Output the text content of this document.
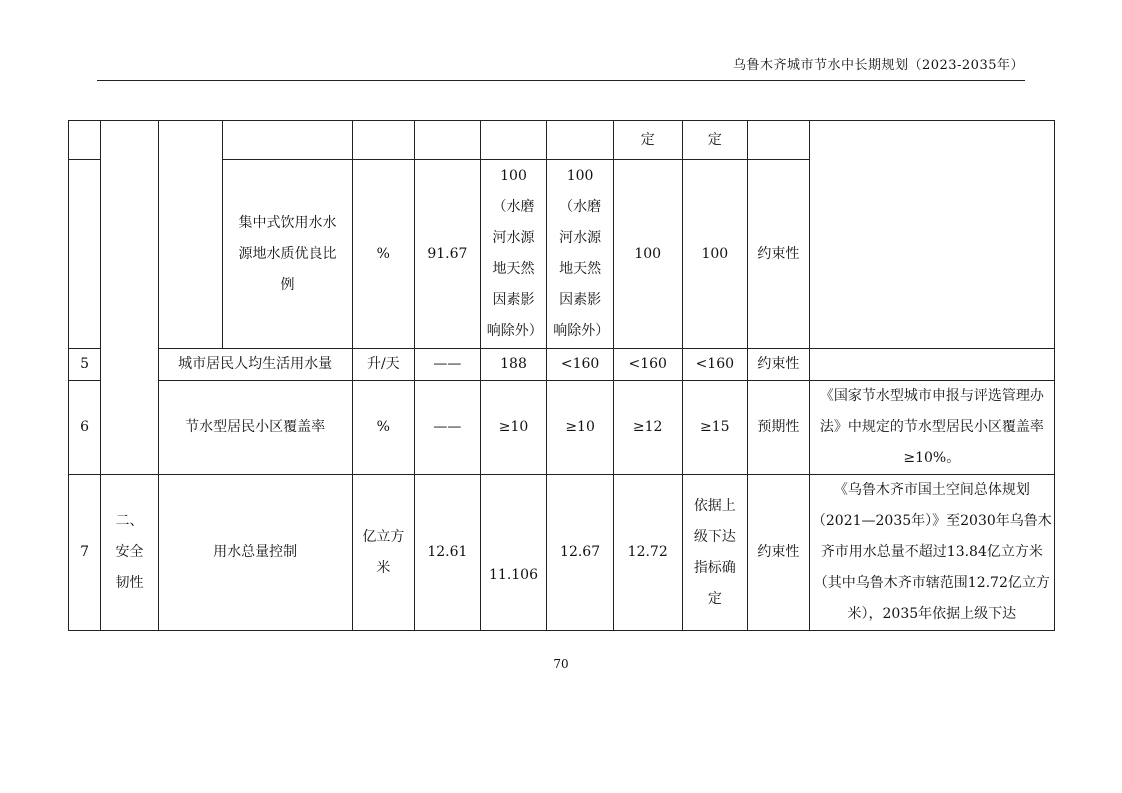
乌鲁木齐城市节水中长期规划（2023-2035年）
								定	定		
			集中式饮用水水源地水质优良比例	%	91.67	100（水磨河水源地天然因素影响除外）	100（水磨河水源地天然因素影响除外）	100	100	约束性	
5		城市居民人均生活用水量		升/天	——	188	<160	<160	<160	约束性	
6		节水型居民小区覆盖率		%	——	≥10	≥10	≥12	≥15	预期性	《国家节水型城市申报与评选管理办法》中规定的节水型居民小区覆盖率≥10%。
7	二、安全韧性	用水总量控制		亿立方米	12.61	11.106	12.67	12.72	依据上级下达指标确定	约束性	《乌鲁木齐市国土空间总体规划（2021—2035年）》至2030年乌鲁木齐市用水总量不超过13.84亿立方米（其中乌鲁木齐市辖范围12.72亿立方米），2035年依据上级下达
70
